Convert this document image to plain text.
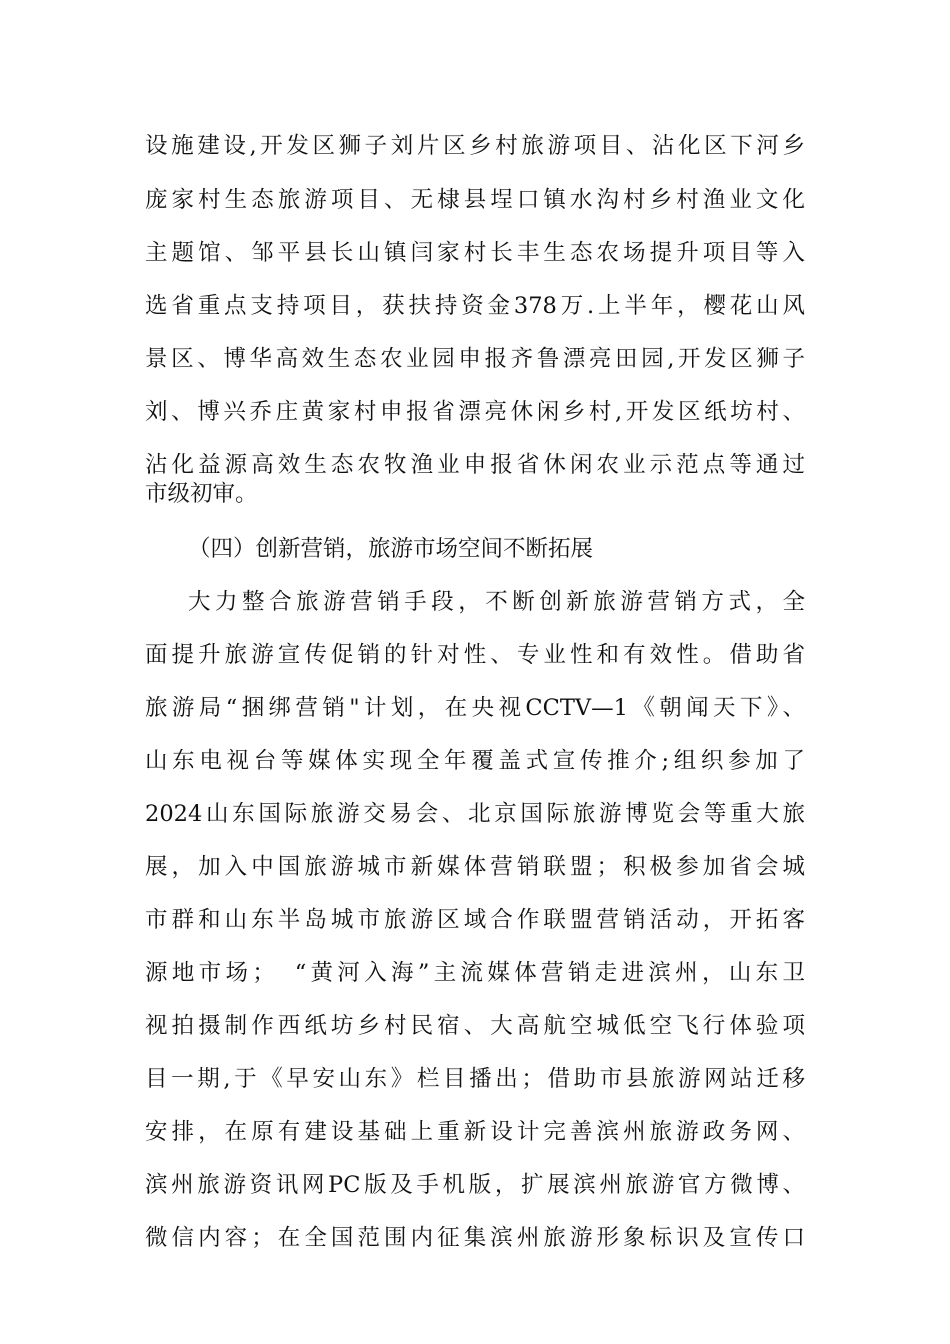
设施建设,开发区狮子刘片区乡村旅游项目、沾化区下河乡
庞家村生态旅游项目、无棣县埕口镇水沟村乡村渔业文化
主题馆、邹平县长山镇闫家村长丰生态农场提升项目等入
选省重点支持项目，获扶持资金378万.上半年，樱花山风
景区、博华高效生态农业园申报齐鲁漂亮田园,开发区狮子
刘、博兴乔庄黄家村申报省漂亮休闲乡村,开发区纸坊村、
沾化益源高效生态农牧渔业申报省休闲农业示范点等通过
市级初审。
（四）创新营销，旅游市场空间不断拓展
大力整合旅游营销手段，不断创新旅游营销方式，全
面提升旅游宣传促销的针对性、专业性和有效性。借助省
旅游局“捆绑营销"计划，在央视CCTV—1《朝闻天下》、
山东电视台等媒体实现全年覆盖式宣传推介;组织参加了
2024山东国际旅游交易会、北京国际旅游博览会等重大旅
展，加入中国旅游城市新媒体营销联盟；积极参加省会城
市群和山东半岛城市旅游区域合作联盟营销活动，开拓客
源地市场；　“黄河入海”主流媒体营销走进滨州，山东卫
视拍摄制作西纸坊乡村民宿、大高航空城低空飞行体验项
目一期,于《早安山东》栏目播出；借助市县旅游网站迁移
安排，在原有建设基础上重新设计完善滨州旅游政务网、
滨州旅游资讯网PC版及手机版，扩展滨州旅游官方微博、
微信内容；在全国范围内征集滨州旅游形象标识及宣传口
